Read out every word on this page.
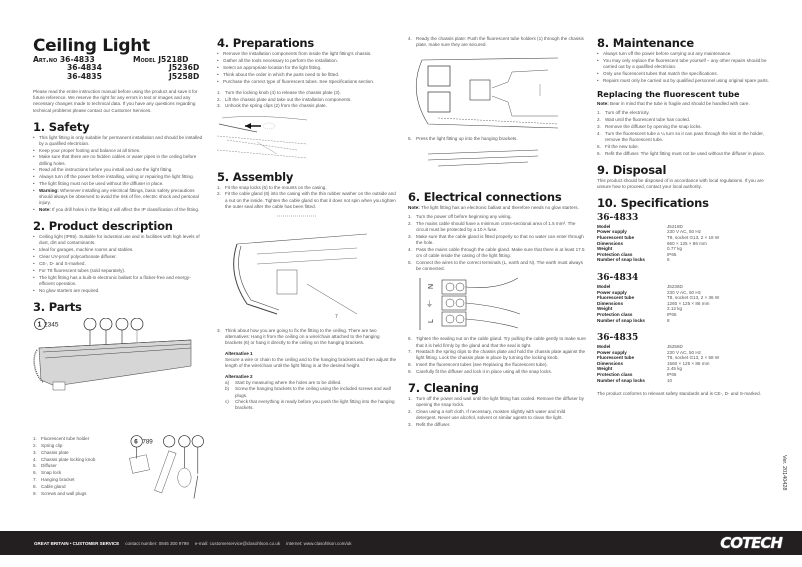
Ceiling Light
Art.no 36-4833	Model J5218D
36-4834	J5236D
36-4835	J5258D

Please read the entire instruction manual before using the product and save it for future reference. We reserve the right for any errors in text or images and any necessary changes made to technical data. If you have any questions regarding technical problems please contact our Customer Services.

1. Safety
• This light fitting is only suitable for permanent installation and should be installed by a qualified electrician.
• Keep your proper footing and balance at all times.
• Make sure that there are no hidden cables or water pipes in the ceiling before drilling holes.
• Read all the instructions before you install and use the light fitting.
• Always turn off the power before installing, wiring or repairing the light fitting.
• The light fitting must not be used without the diffuser in place.
• Warning: Whenever installing any electrical fittings, basic safety precautions should always be observed to avoid the risk of fire, electric shock and personal injury.
• Note: If you drill holes in the fitting it will affect the IP classification of the fitting.
2. Product description
• Ceiling light (IP65). Suitable for industrial use and in facilities with high levels of dust, dirt and contaminants.
• Ideal for garages, machine rooms and stables.
• Clear UV-proof polycarbonate diffuser.
• CE-, D- and S-marked.
• For T8 fluorescent tubes (sold separately).
• The light fitting has a built-in electronic ballast for a flicker-free and energy-efficient operation.
• No glow starters are required.
3. Parts
1 2345
1. Fluorescent tube holder
2. Spring clip
3. Chassis plate
4. Chassis plate locking knob
5. Diffuser
6. Snap lock
7. Hanging bracket
8. Cable gland
9. Screws and wall plugs
6 789
4. Preparations
• Remove the installation components from inside the light fitting's chassis.
• Gather all the tools necessary to perform the installation.
• Select an appropriate location for the light fitting.
• Think about the order in which the parts need to be fitted.
• Purchase the correct type of fluorescent tubes. See Specifications section.
1. Turn the locking knob (4) to release the chassis plate (3).
2. Lift the chassis plate and take out the installation components.
3. Unhook the spring clips (2) from the chassis plate.
5. Assembly
1. Fit the snap locks (6) to the mounts on the casing.
2. Fit the cable gland (8) into the casing with the thin rubber washer on the outside and a nut on the inside. Tighten the cable gland so that it does not spin when you tighten the outer seal after the cable has been fitted.
7
3. Think about how you are going to fix the fitting to the ceiling. There are two alternatives: Hang it from the ceiling on a wire/chain attached to the hanging brackets (6) or hang it directly to the ceiling on the hanging brackets.
Alternative 1
Secure a wire or chain to the ceiling and to the hanging brackets and then adjust the length of the wire/chain until the light fitting is at the desired height.
Alternative 2
a) Start by measuring where the holes are to be drilled.
b) Screw the hanging brackets to the ceiling using the included screws and wall plugs.
c) Check that everything is ready before you push the light fitting into the hanging brackets.
4. Ready the chassis plate: Push the fluorescent tube holders (1) through the chassis plate, make sure they are secured.
5. Press the light fitting up into the hanging brackets.
6. Electrical connections

Note: The light fitting has an electronic ballast and therefore needs no glow starters.

1. Turn the power off before beginning any wiring.
2. The mains cable should have a minimum cross-sectional area of 1.5 mm². The circuit must be protected by a 10 A fuse.
3. Make sure that the cable gland is fitted properly so that no water can enter through the hole.
4. Pass the mains cable through the cable gland. Make sure that there is at least 17.5 cm of cable inside the casing of the light fitting.
5. Connect the wires to the correct terminals (L, earth and N). The earth must always be connected.
N
⏚
L
6. Tighten the sealing nut on the cable gland. Try pulling the cable gently to make sure that it is held firmly by the gland and that the seal is tight.
7. Reattach the spring clips to the chassis plate and hold the chassis plate against the light fitting. Lock the chassis plate in place by turning the locking knob.
8. Insert the fluorescent tubes (see Replacing the fluorescent tube).
9. Carefully fit the diffuser and lock it in place using all the snap locks.
7. Cleaning
1. Turn off the power and wait until the light fitting has cooled. Remove the diffuser by opening the snap locks.
2. Clean using a soft cloth. If necessary, moisten slightly with water and mild detergent. Never use alcohol, solvent or similar agents to clean the light.
3. Refit the diffuser.
8. Maintenance
• Always turn off the power before carrying out any maintenance.
• You may only replace the fluorescent tube yourself – any other repairs should be carried out by a qualified electrician.
• Only use fluorescent tubes that match the specifications.
• Repairs must only be carried out by qualified personnel using original spare parts.
Replacing the fluorescent tube

Note: Bear in mind that the tube is fragile and should be handled with care.

1. Turn off the electricity.
2. Wait until the fluorescent tube has cooled.
3. Remove the diffuser by opening the snap locks.
4. Turn the fluorescent tube a ¼ turn so it can pass through the slot in the holder, remove the fluorescent tube.
5. Fit the new tube.
6. Refit the diffuser. The light fitting must not be used without the diffuser in place.
9. Disposal

This product should be disposed of in accordance with local regulations. If you are unsure how to proceed, contact your local authority.

10. Specifications
36-4833
Model	J5218D
Power supply	230 V AC, 50 Hz
Fluorescent tube	T8, socket G13, 2 × 18 W
Dimensions	660 × 125 × 86 mm
Weight	0.77 kg
Protection class	IP65
Number of snap locks	6
36-4834
Model	J5236D
Power supply	230 V AC, 50 Hz
Fluorescent tube	T8, socket G13, 2 × 36 W
Dimensions	1260 × 125 × 86 mm
Weight	2.12 kg
Protection class	IP65
Number of snap locks	8
36-4835
Model	J5258D
Power supply	230 V AC, 50 Hz
Fluorescent tube	T8, socket G13, 2 × 58 W
Dimensions	1560 × 125 × 86 mm
Weight	2.45 kg
Protection class	IP65
Number of snap locks	10

The product conforms to relevant safety standards and is CE-, D- and S-marked.

Ver. 20140428
GREAT BRITAIN • CUSTOMER SERVICE contact number: 0845 300 9799 e-mail: customerservice@clasohlson.co.uk internet: www.clasohlson.com/uk	COTECH
